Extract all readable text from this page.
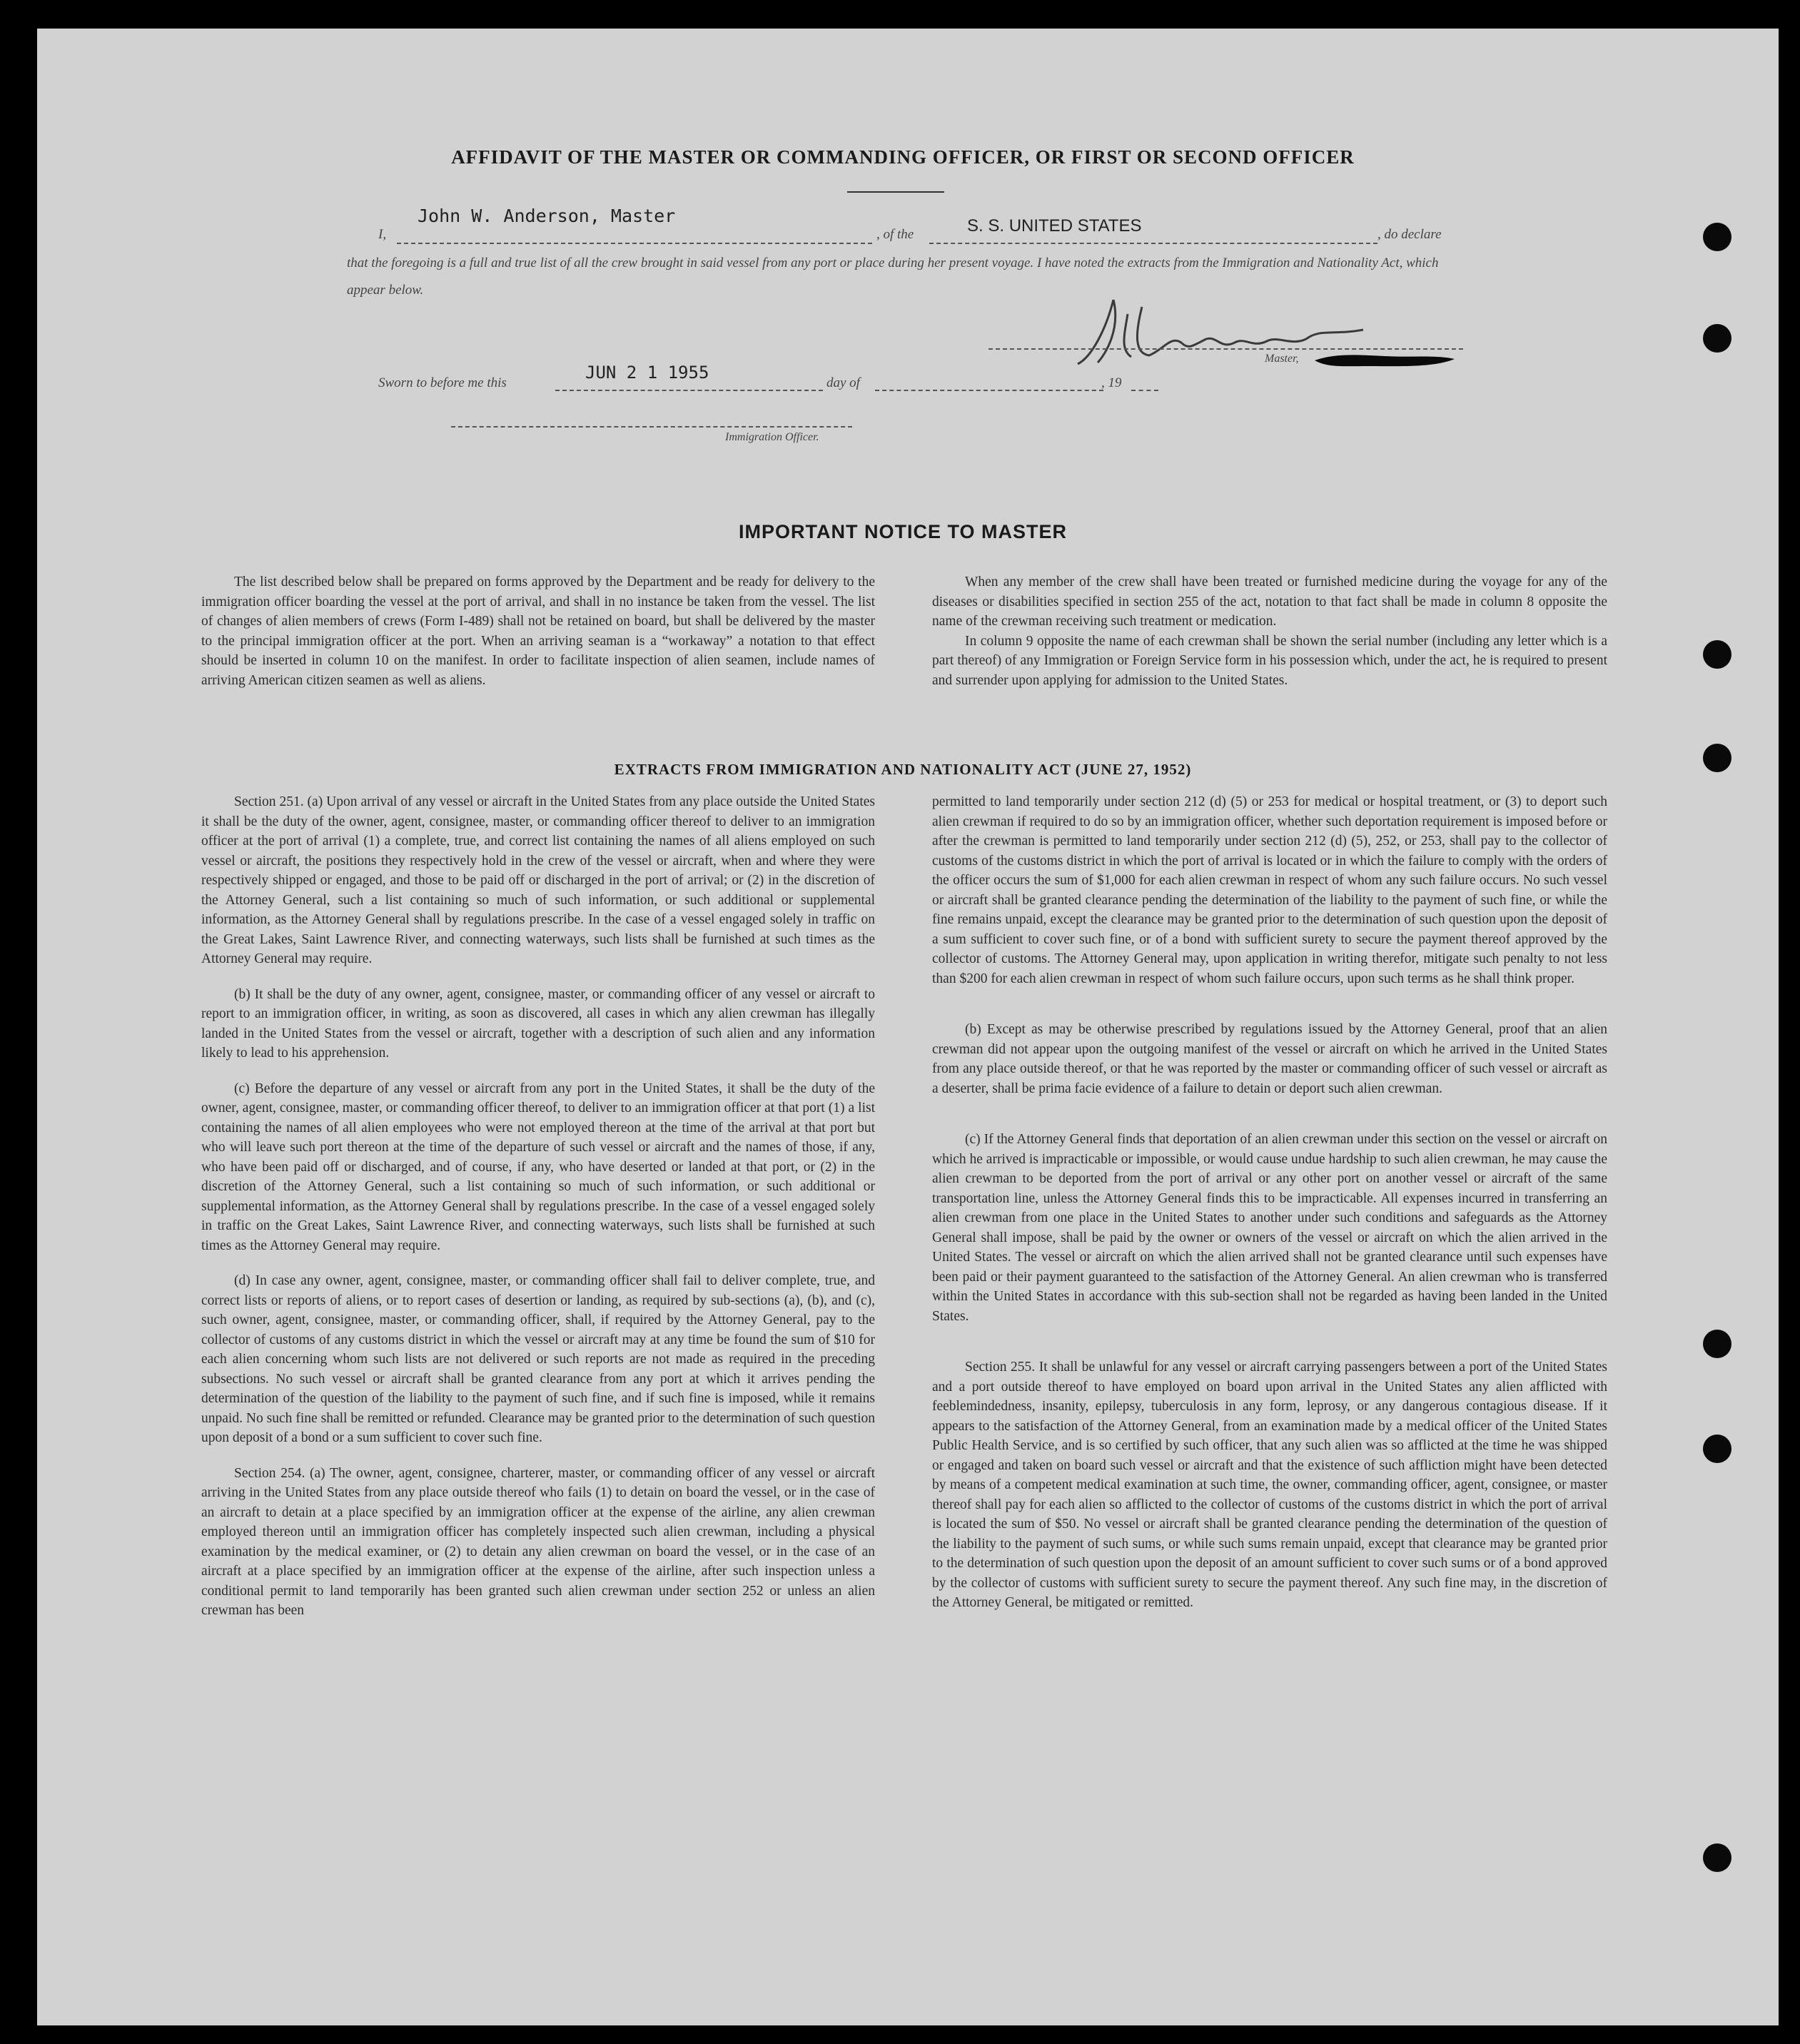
AFFIDAVIT OF THE MASTER OR COMMANDING OFFICER, OR FIRST OR SECOND OFFICER
I,
John W. Anderson, Master
, of the	S. S. UNITED STATES	, do declare
that the foregoing is a full and true list of all the crew brought in said vessel from any port or place during her present voyage. I have noted the extracts from the Immigration and Nationality Act, which appear below.
Master,
Sworn to before me this
JUN 2 1 1955
day of	, 19
Immigration Officer.
IMPORTANT NOTICE TO MASTER

The list described below shall be prepared on forms approved by the Department and be ready for delivery to the immigration officer boarding the vessel at the port of arrival, and shall in no instance be taken from the vessel. The list of changes of alien members of crews (Form I-489) shall not be retained on board, but shall be delivered by the master to the principal immigration officer at the port. When an arriving seaman is a “workaway” a notation to that effect should be inserted in column 10 on the manifest. In order to facilitate inspection of alien seamen, include names of arriving American citizen seamen as well as aliens.

When any member of the crew shall have been treated or furnished medicine during the voyage for any of the diseases or disabilities specified in section 255 of the act, notation to that fact shall be made in column 8 opposite the name of the crewman receiving such treatment or medication.

In column 9 opposite the name of each crewman shall be shown the serial number (including any letter which is a part thereof) of any Immigration or Foreign Service form in his possession which, under the act, he is required to present and surrender upon applying for admission to the United States.

EXTRACTS FROM IMMIGRATION AND NATIONALITY ACT (JUNE 27, 1952)

Section 251. (a) Upon arrival of any vessel or aircraft in the United States from any place outside the United States it shall be the duty of the owner, agent, consignee, master, or commanding officer thereof to deliver to an immigration officer at the port of arrival (1) a complete, true, and correct list containing the names of all aliens employed on such vessel or aircraft, the positions they respectively hold in the crew of the vessel or aircraft, when and where they were respectively shipped or engaged, and those to be paid off or discharged in the port of arrival; or (2) in the discretion of the Attorney General, such a list containing so much of such information, or such additional or supplemental information, as the Attorney General shall by regulations prescribe. In the case of a vessel engaged solely in traffic on the Great Lakes, Saint Lawrence River, and connecting waterways, such lists shall be furnished at such times as the Attorney General may require.

(b) It shall be the duty of any owner, agent, consignee, master, or commanding officer of any vessel or aircraft to report to an immigration officer, in writing, as soon as discovered, all cases in which any alien crewman has illegally landed in the United States from the vessel or aircraft, together with a description of such alien and any information likely to lead to his apprehension.

(c) Before the departure of any vessel or aircraft from any port in the United States, it shall be the duty of the owner, agent, consignee, master, or commanding officer thereof, to deliver to an immigration officer at that port (1) a list containing the names of all alien employees who were not employed thereon at the time of the arrival at that port but who will leave such port thereon at the time of the departure of such vessel or aircraft and the names of those, if any, who have been paid off or discharged, and of course, if any, who have deserted or landed at that port, or (2) in the discretion of the Attorney General, such a list containing so much of such information, or such additional or supplemental information, as the Attorney General shall by regulations prescribe. In the case of a vessel engaged solely in traffic on the Great Lakes, Saint Lawrence River, and connecting waterways, such lists shall be furnished at such times as the Attorney General may require.

(d) In case any owner, agent, consignee, master, or commanding officer shall fail to deliver complete, true, and correct lists or reports of aliens, or to report cases of desertion or landing, as required by sub-sections (a), (b), and (c), such owner, agent, consignee, master, or commanding officer, shall, if required by the Attorney General, pay to the collector of customs of any customs district in which the vessel or aircraft may at any time be found the sum of $10 for each alien concerning whom such lists are not delivered or such reports are not made as required in the preceding subsections. No such vessel or aircraft shall be granted clearance from any port at which it arrives pending the determination of the question of the liability to the payment of such fine, and if such fine is imposed, while it remains unpaid. No such fine shall be remitted or refunded. Clearance may be granted prior to the determination of such question upon deposit of a bond or a sum sufficient to cover such fine.

Section 254. (a) The owner, agent, consignee, charterer, master, or commanding officer of any vessel or aircraft arriving in the United States from any place outside thereof who fails (1) to detain on board the vessel, or in the case of an aircraft to detain at a place specified by an immigration officer at the expense of the airline, any alien crewman employed thereon until an immigration officer has completely inspected such alien crewman, including a physical examination by the medical examiner, or (2) to detain any alien crewman on board the vessel, or in the case of an aircraft at a place specified by an immigration officer at the expense of the airline, after such inspection unless a conditional permit to land temporarily has been granted such alien crewman under section 252 or unless an alien crewman has been

permitted to land temporarily under section 212 (d) (5) or 253 for medical or hospital treatment, or (3) to deport such alien crewman if required to do so by an immigration officer, whether such deportation requirement is imposed before or after the crewman is permitted to land temporarily under section 212 (d) (5), 252, or 253, shall pay to the collector of customs of the customs district in which the port of arrival is located or in which the failure to comply with the orders of the officer occurs the sum of $1,000 for each alien crewman in respect of whom any such failure occurs. No such vessel or aircraft shall be granted clearance pending the determination of the liability to the payment of such fine, or while the fine remains unpaid, except the clearance may be granted prior to the determination of such question upon the deposit of a sum sufficient to cover such fine, or of a bond with sufficient surety to secure the payment thereof approved by the collector of customs. The Attorney General may, upon application in writing therefor, mitigate such penalty to not less than $200 for each alien crewman in respect of whom such failure occurs, upon such terms as he shall think proper.

(b) Except as may be otherwise prescribed by regulations issued by the Attorney General, proof that an alien crewman did not appear upon the outgoing manifest of the vessel or aircraft on which he arrived in the United States from any place outside thereof, or that he was reported by the master or commanding officer of such vessel or aircraft as a deserter, shall be prima facie evidence of a failure to detain or deport such alien crewman.

(c) If the Attorney General finds that deportation of an alien crewman under this section on the vessel or aircraft on which he arrived is impracticable or impossible, or would cause undue hardship to such alien crewman, he may cause the alien crewman to be deported from the port of arrival or any other port on another vessel or aircraft of the same transportation line, unless the Attorney General finds this to be impracticable. All expenses incurred in transferring an alien crewman from one place in the United States to another under such conditions and safeguards as the Attorney General shall impose, shall be paid by the owner or owners of the vessel or aircraft on which the alien arrived in the United States. The vessel or aircraft on which the alien arrived shall not be granted clearance until such expenses have been paid or their payment guaranteed to the satisfaction of the Attorney General. An alien crewman who is transferred within the United States in accordance with this sub-section shall not be regarded as having been landed in the United States.

Section 255. It shall be unlawful for any vessel or aircraft carrying passengers between a port of the United States and a port outside thereof to have employed on board upon arrival in the United States any alien afflicted with feeblemindedness, insanity, epilepsy, tuberculosis in any form, leprosy, or any dangerous contagious disease. If it appears to the satisfaction of the Attorney General, from an examination made by a medical officer of the United States Public Health Service, and is so certified by such officer, that any such alien was so afflicted at the time he was shipped or engaged and taken on board such vessel or aircraft and that the existence of such affliction might have been detected by means of a competent medical examination at such time, the owner, commanding officer, agent, consignee, or master thereof shall pay for each alien so afflicted to the collector of customs of the customs district in which the port of arrival is located the sum of $50. No vessel or aircraft shall be granted clearance pending the determination of the question of the liability to the payment of such sums, or while such sums remain unpaid, except that clearance may be granted prior to the determination of such question upon the deposit of an amount sufficient to cover such sums or of a bond approved by the collector of customs with sufficient surety to secure the payment thereof. Any such fine may, in the discretion of the Attorney General, be mitigated or remitted.
